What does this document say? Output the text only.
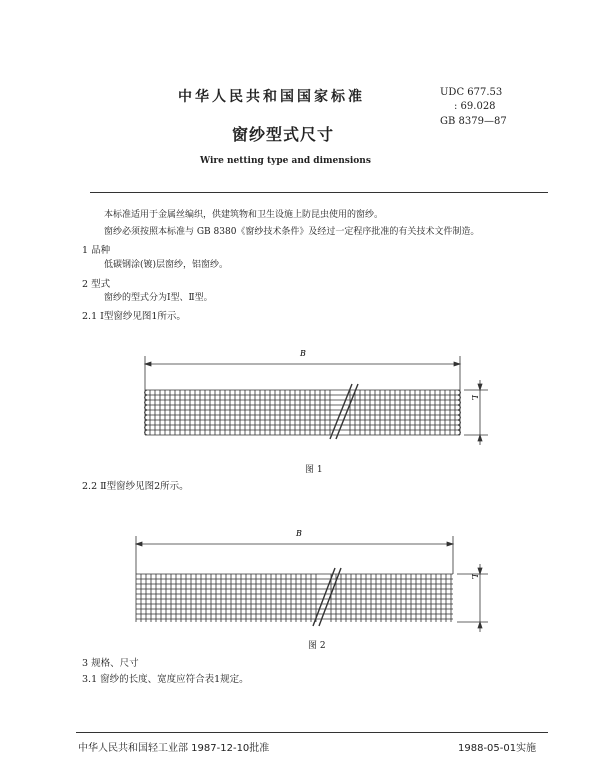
中华人民共和国国家标准	UDC 677.53
: 69.028
GB 8379—87
窗纱型式尺寸
Wire netting type and dimensions
本标准适用于金属丝编织，供建筑物和卫生设施上防昆虫使用的窗纱。
窗纱必须按照本标准与 GB 8380《窗纱技术条件》及经过一定程序批准的有关技术文件制造。
1 品种
低碳钢涂(镀)层窗纱，铝窗纱。
2 型式
窗纱的型式分为Ⅰ型、Ⅱ型。
2.1 Ⅰ型窗纱见图1所示。
B
L
图 1
2.2 Ⅱ型窗纱见图2所示。
B
L
图 2
3 规格、尺寸
3.1 窗纱的长度、宽度应符合表1规定。
中华人民共和国轻工业部 1987-12-10批准	1988-05-01实施
